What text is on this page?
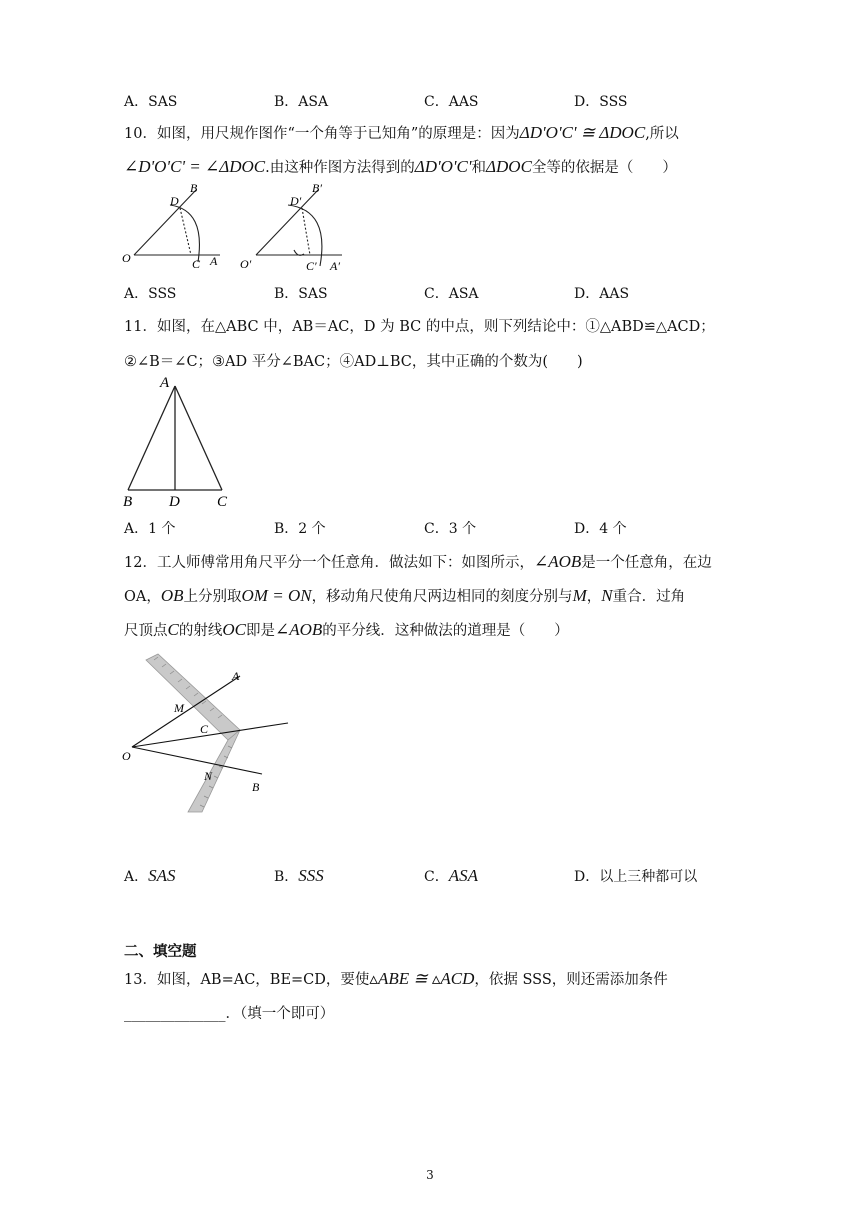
A．SAS	B．ASA	C．AAS	D．SSS
10．如图，用尺规作图作“一个角等于已知角”的原理是：因为ΔD'O'C' ≅ ΔDOC,所以
∠D'O'C' = ∠ΔDOC.由这种作图方法得到的ΔD'O'C'和ΔDOC全等的依据是（　　）
O
D
B
C A O′
D′
B′
C′ A′
A．SSS	B．SAS	C．ASA	D．AAS
11．如图，在△ABC 中，AB＝AC，D 为 BC 的中点，则下列结论中：①△ABD≌△ACD；
②∠B＝∠C；③AD 平分∠BAC；④AD⊥BC，其中正确的个数为(　　)
A
B D C
A．1 个	B．2 个	C．3 个	D．4 个
12．工人师傅常用角尺平分一个任意角．做法如下：如图所示，∠AOB是一个任意角，在边
OA，OB上分别取OM = ON，移动角尺使角尺两边相同的刻度分别与M，N重合．过角
尺顶点C的射线OC即是∠AOB的平分线．这种做法的道理是（　　）
A
M
C
O
N
B
A．SAS	B．SSS	C．ASA	D．以上三种都可以
二、填空题
13．如图，AB=AC，BE=CD，要使▵ABE ≅ ▵ACD，依据 SSS，则还需添加条件
______________．（填一个即可）
3
